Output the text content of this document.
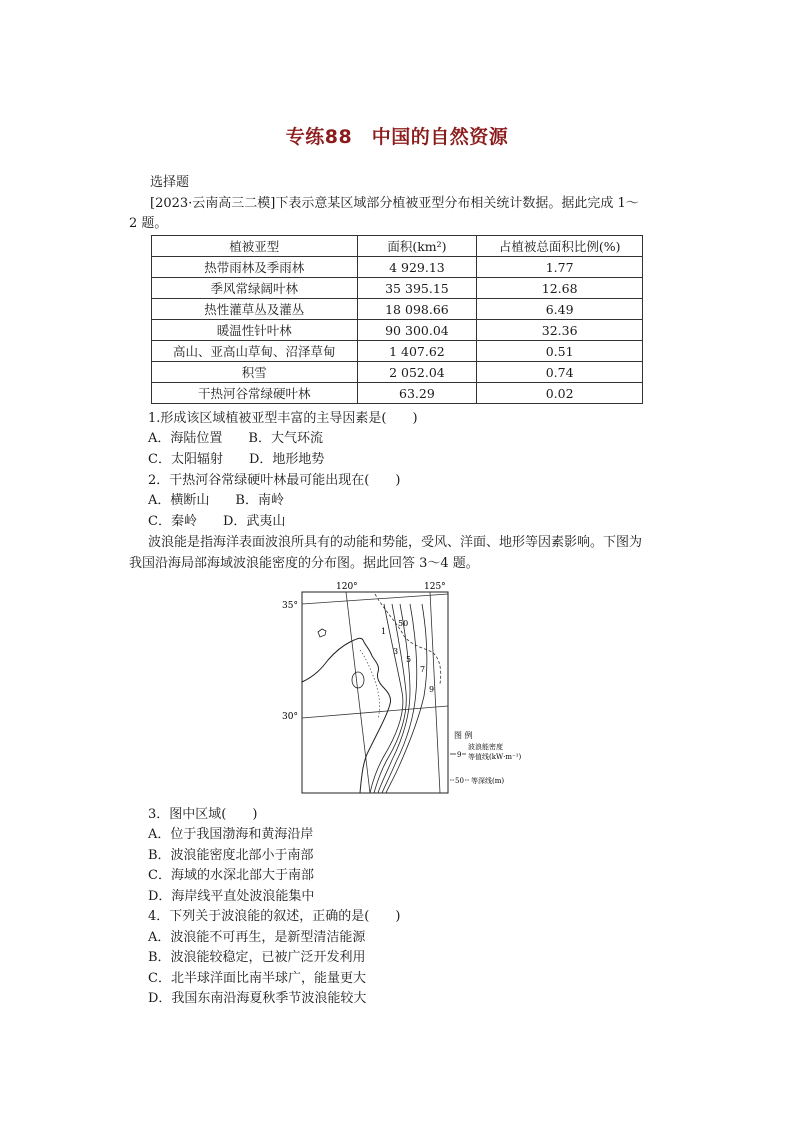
专练88　中国的自然资源
选择题
[2023·云南高三二模]下表示意某区域部分植被亚型分布相关统计数据。据此完成 1～
2 题。
植被亚型	面积(km²)	占植被总面积比例(%)
热带雨林及季雨林	4 929.13	1.77
季风常绿阔叶林	35 395.15	12.68
热性灌草丛及灌丛	18 098.66	6.49
暖温性针叶林	90 300.04	32.36
高山、亚高山草甸、沼泽草甸	1 407.62	0.51
积雪	2 052.04	0.74
干热河谷常绿硬叶林	63.29	0.02
1.形成该区域植被亚型丰富的主导因素是(　　)
A．海陆位置　　B．大气环流
C．太阳辐射　　D．地形地势
2．干热河谷常绿硬叶林最可能出现在(　　)
A．横断山　　B．南岭
C．秦岭　　D．武夷山
波浪能是指海洋表面波浪所具有的动能和势能，受风、洋面、地形等因素影响。下图为
我国沿海局部海域波浪能密度的分布图。据此回答 3～4 题。
120°	125°
35°
30°
1
3
5
7
9
50
图 例
9
波浪能密度
等值线(kW·m⁻¹)
50 等深线(m)
3．图中区域(　　)
A．位于我国渤海和黄海沿岸
B．波浪能密度北部小于南部
C．海域的水深北部大于南部
D．海岸线平直处波浪能集中
4．下列关于波浪能的叙述，正确的是(　　)
A．波浪能不可再生，是新型清洁能源
B．波浪能较稳定，已被广泛开发利用
C．北半球洋面比南半球广，能量更大
D．我国东南沿海夏秋季节波浪能较大
